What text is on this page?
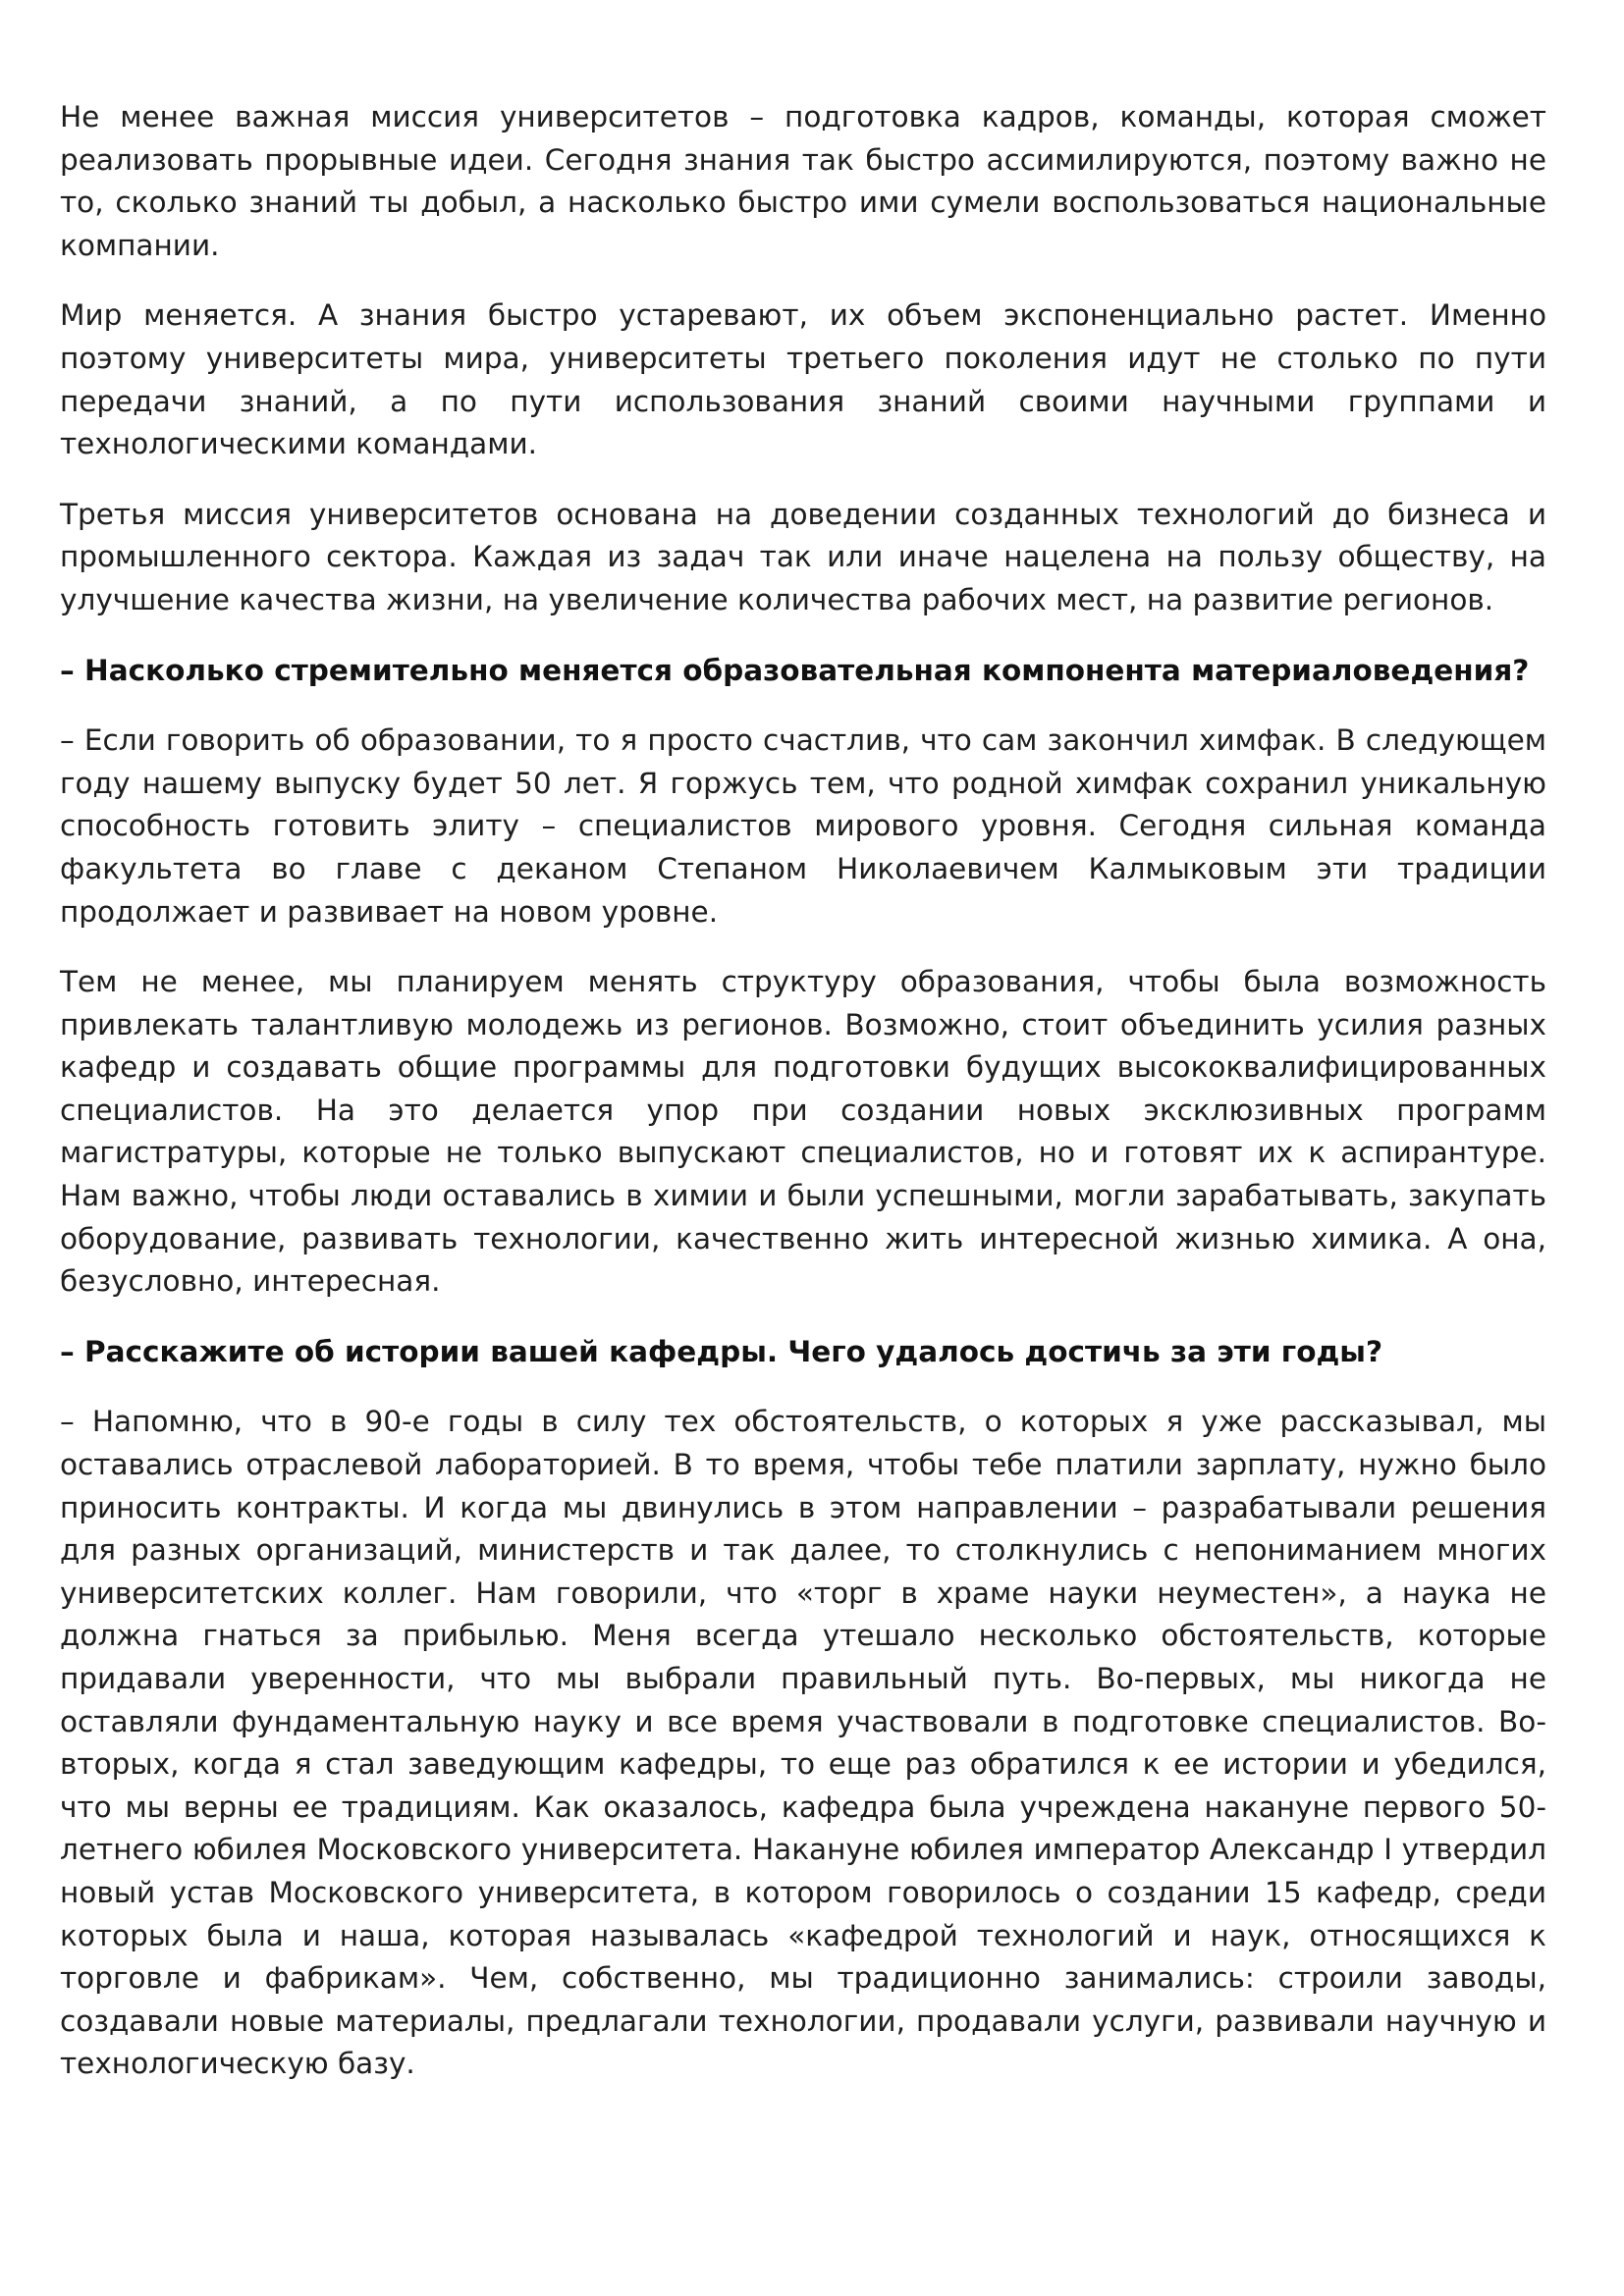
Не менее важная миссия университетов – подготовка кадров, команды, которая сможет реализовать прорывные идеи. Сегодня знания так быстро ассимилируются, поэтому важно не то, сколько знаний ты добыл, а насколько быстро ими сумели воспользоваться национальные компании.

Мир меняется. А знания быстро устаревают, их объем экспоненциально растет. Именно поэтому университеты мира, университеты третьего поколения идут не столько по пути передачи знаний, а по пути использования знаний своими научными группами и технологическими командами.

Третья миссия университетов основана на доведении созданных технологий до бизнеса и промышленного сектора. Каждая из задач так или иначе нацелена на пользу обществу, на улучшение качества жизни, на увеличение количества рабочих мест, на развитие регионов.

– Насколько стремительно меняется образовательная компонента материаловедения?

– Если говорить об образовании, то я просто счастлив, что сам закончил химфак. В следующем году нашему выпуску будет 50 лет. Я горжусь тем, что родной химфак сохранил уникальную способность готовить элиту – специалистов мирового уровня. Сегодня сильная команда факультета во главе с деканом Степаном Николаевичем Калмыковым эти традиции продолжает и развивает на новом уровне.

Тем не менее, мы планируем менять структуру образования, чтобы была возможность привлекать талантливую молодежь из регионов. Возможно, стоит объединить усилия разных кафедр и создавать общие программы для подготовки будущих высококвалифицированных специалистов. На это делается упор при создании новых эксклюзивных программ магистратуры, которые не только выпускают специалистов, но и готовят их к аспирантуре. Нам важно, чтобы люди оставались в химии и были успешными, могли зарабатывать, закупать оборудование, развивать технологии, качественно жить интересной жизнью химика. А она, безусловно, интересная.

– Расскажите об истории вашей кафедры. Чего удалось достичь за эти годы?

– Напомню, что в 90-е годы в силу тех обстоятельств, о которых я уже рассказывал, мы оставались отраслевой лабораторией. В то время, чтобы тебе платили зарплату, нужно было приносить контракты. И когда мы двинулись в этом направлении – разрабатывали решения для разных организаций, министерств и так далее, то столкнулись с непониманием многих университетских коллег. Нам говорили, что «торг в храме науки неуместен», а наука не должна гнаться за прибылью. Меня всегда утешало несколько обстоятельств, которые придавали уверенности, что мы выбрали правильный путь. Во-первых, мы никогда не оставляли фундаментальную науку и все время участвовали в подготовке специалистов. Во-вторых, когда я стал заведующим кафедры, то еще раз обратился к ее истории и убедился, что мы верны ее традициям. Как оказалось, кафедра была учреждена накануне первого 50-летнего юбилея Московского университета. Накануне юбилея император Александр I утвердил новый устав Московского университета, в котором говорилось о создании 15 кафедр, среди которых была и наша, которая называлась «кафедрой технологий и наук, относящихся к торговле и фабрикам». Чем, собственно, мы традиционно занимались: строили заводы, создавали новые материалы, предлагали технологии, продавали услуги, развивали научную и технологическую базу.
